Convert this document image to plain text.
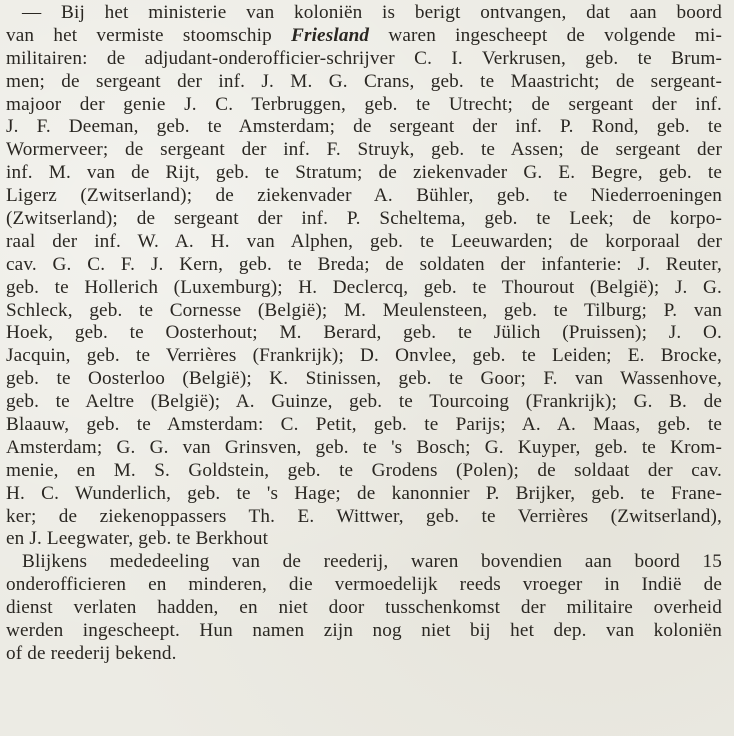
— Bij het ministerie van koloniën is berigt ontvangen, dat aan boord
van het vermiste stoomschip Friesland waren ingescheept de volgende mi-
militairen: de adjudant-onderofficier-schrijver C. I. Verkrusen, geb. te Brum-
men; de sergeant der inf. J. M. G. Crans, geb. te Maastricht; de sergeant-
majoor der genie J. C. Terbruggen, geb. te Utrecht; de sergeant der inf.
J. F. Deeman, geb. te Amsterdam; de sergeant der inf. P. Rond, geb. te
Wormerveer; de sergeant der inf. F. Struyk, geb. te Assen; de sergeant der
inf. M. van de Rijt, geb. te Stratum; de ziekenvader G. E. Begre, geb. te
Ligerz (Zwitserland); de ziekenvader A. Bühler, geb. te Niederroeningen
(Zwitserland); de sergeant der inf. P. Scheltema, geb. te Leek; de korpo-
raal der inf. W. A. H. van Alphen, geb. te Leeuwarden; de korporaal der
cav. G. C. F. J. Kern, geb. te Breda; de soldaten der infanterie: J. Reuter,
geb. te Hollerich (Luxemburg); H. Declercq, geb. te Thourout (België); J. G.
Schleck, geb. te Cornesse (België); M. Meulensteen, geb. te Tilburg; P. van
Hoek, geb. te Oosterhout; M. Berard, geb. te Jülich (Pruissen); J. O.
Jacquin, geb. te Verrières (Frankrijk); D. Onvlee, geb. te Leiden; E. Brocke,
geb. te Oosterloo (België); K. Stinissen, geb. te Goor; F. van Wassenhove,
geb. te Aeltre (België); A. Guinze, geb. te Tourcoing (Frankrijk); G. B. de
Blaauw, geb. te Amsterdam: C. Petit, geb. te Parijs; A. A. Maas, geb. te
Amsterdam; G. G. van Grinsven, geb. te 's Bosch; G. Kuyper, geb. te Krom-
menie, en M. S. Goldstein, geb. te Grodens (Polen); de soldaat der cav.
H. C. Wunderlich, geb. te 's Hage; de kanonnier P. Brijker, geb. te Frane-
ker; de ziekenoppassers Th. E. Wittwer, geb. te Verrières (Zwitserland),
en J. Leegwater, geb. te Berkhout
Blijkens mededeeling van de reederij, waren bovendien aan boord 15
onderofficieren en minderen, die vermoedelijk reeds vroeger in Indië de
dienst verlaten hadden, en niet door tusschenkomst der militaire overheid
werden ingescheept. Hun namen zijn nog niet bij het dep. van koloniën
of de reederij bekend.
